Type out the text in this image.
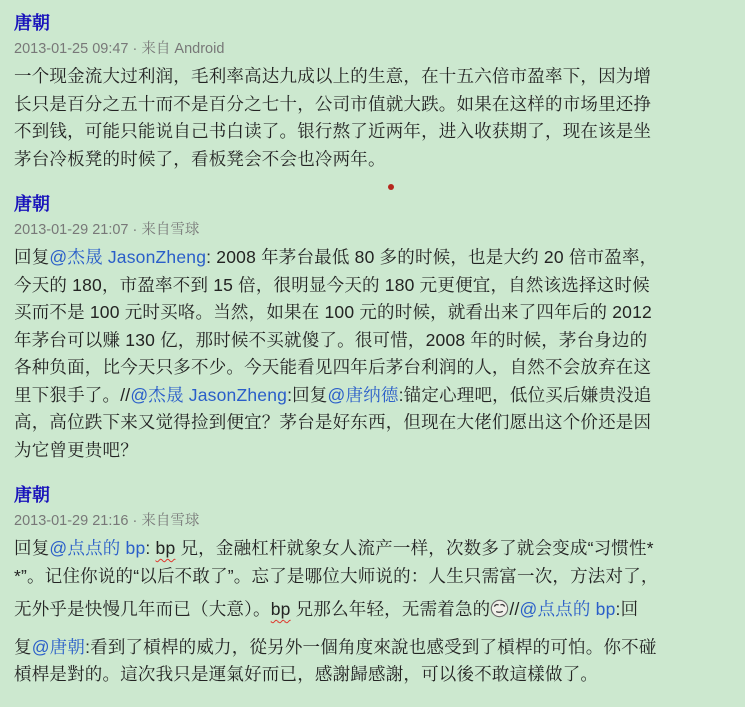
唐朝
2013-01-25 09:47 · 来自 Android
一个现金流大过利润，毛利率高达九成以上的生意，在十五六倍市盈率下，因为增
长只是百分之五十而不是百分之七十，公司市值就大跌。如果在这样的市场里还挣
不到钱，可能只能说自己书白读了。银行熬了近两年，进入收获期了，现在该是坐
茅台冷板凳的时候了，看板凳会不会也冷两年。
唐朝
2013-01-29 21:07 · 来自雪球
回复@杰晟 JasonZheng: 2008 年茅台最低 80 多的时候，也是大约 20 倍市盈率，
今天的 180，市盈率不到 15 倍，很明显今天的 180 元更便宜，自然该选择这时候
买而不是 100 元时买咯。当然，如果在 100 元的时候，就看出来了四年后的 2012
年茅台可以赚 130 亿，那时候不买就傻了。很可惜，2008 年的时候，茅台身边的
各种负面，比今天只多不少。今天能看见四年后茅台利润的人，自然不会放弃在这
里下狠手了。//@杰晟 JasonZheng:回复@唐纳德:锚定心理吧，低位买后嫌贵没追
高，高位跌下来又觉得捡到便宜？茅台是好东西，但现在大佬们愿出这个价还是因
为它曾更贵吧？
唐朝
2013-01-29 21:16 · 来自雪球
回复@点点的 bp: bp 兄，金融杠杆就象女人流产一样，次数多了就会变成“习惯性*
*”。记住你说的“以后不敢了”。忘了是哪位大师说的：人生只需富一次，方法对了，
无外乎是快慢几年而已（大意）。bp 兄那么年轻，无需着急的 //@点点的 bp:回
复@唐朝:看到了槓桿的威力，從另外一個角度來說也感受到了槓桿的可怕。你不碰
槓桿是對的。這次我只是運氣好而已，感謝歸感謝，可以後不敢這樣做了。
